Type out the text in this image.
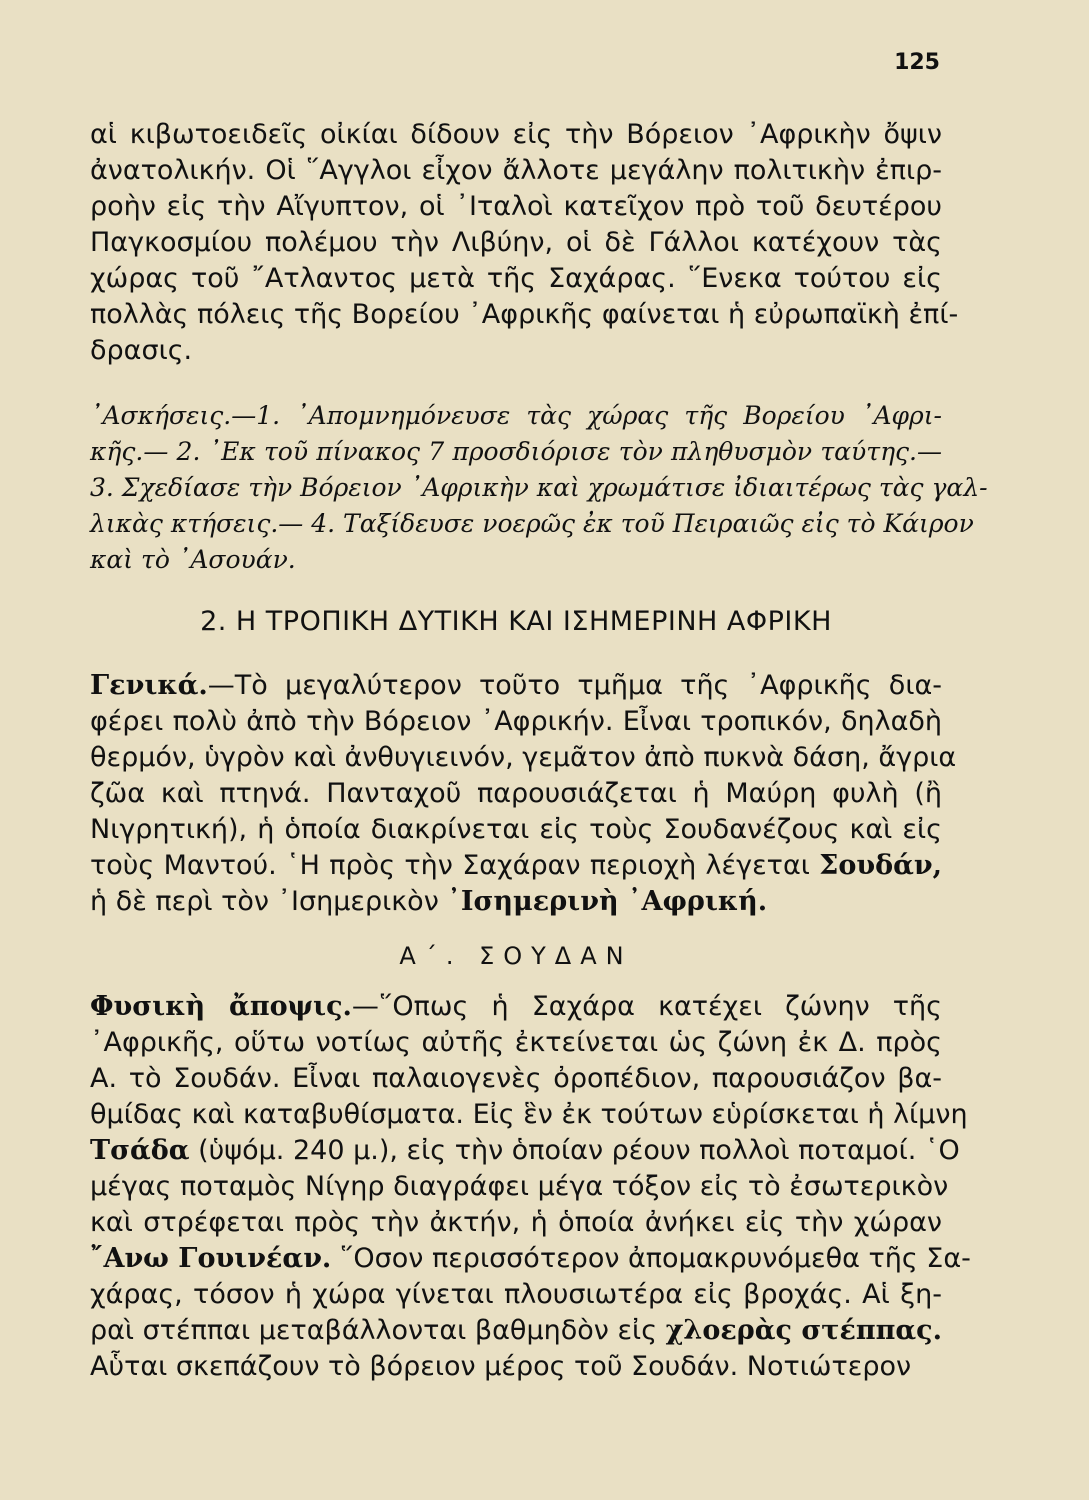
125
αἱ κιβωτοειδεῖς οἰκίαι δίδουν εἰς τὴν Βόρειον ᾿Αφρικὴν ὄψιν
ἀνατολικήν. Οἱ ῞Αγγλοι εἶχον ἄλλοτε μεγάλην πολιτικὴν ἐπιρ-
ροὴν εἰς τὴν Αἴγυπτον, οἱ ᾿Ιταλοὶ κατεῖχον πρὸ τοῦ δευτέρου
Παγκοσμίου πολέμου τὴν Λιβύην, οἱ δὲ Γάλλοι κατέχουν τὰς
χώρας τοῦ ῎Ατλαντος μετὰ τῆς Σαχάρας. ῞Ενεκα τούτου εἰς
πολλὰς πόλεις τῆς Βορείου ᾿Αφρικῆς φαίνεται ἡ εὐρωπαϊκὴ ἐπί-
δρασις.
᾿Ασκήσεις.—1. ᾿Απομνημόνευσε τὰς χώρας τῆς Βορείου ᾿Αφρι-
κῆς.— 2. ᾿Εκ τοῦ πίνακος 7 προσδιόρισε τὸν πληθυσμὸν ταύτης.—
3. Σχεδίασε τὴν Βόρειον ᾿Αφρικὴν καὶ χρωμάτισε ἰδιαιτέρως τὰς γαλ-
λικὰς κτήσεις.— 4. Ταξίδευσε νοερῶς ἐκ τοῦ Πειραιῶς εἰς τὸ Κάιρον
καὶ τὸ ᾿Ασουάν.
2. Η ΤΡΟΠΙΚΗ ΔΥΤΙΚΗ ΚΑΙ ΙΣΗΜΕΡΙΝΗ ΑΦΡΙΚΗ
Γενικά.—Τὸ μεγαλύτερον τοῦτο τμῆμα τῆς ᾿Αφρικῆς δια-
φέρει πολὺ ἀπὸ τὴν Βόρειον ᾿Αφρικήν. Εἶναι τροπικόν, δηλαδὴ
θερμόν, ὑγρὸν καὶ ἀνθυγιεινόν, γεμᾶτον ἀπὸ πυκνὰ δάση, ἄγρια
ζῶα καὶ πτηνά. Πανταχοῦ παρουσιάζεται ἡ Μαύρη φυλὴ (ἢ
Νιγρητική), ἡ ὁποία διακρίνεται εἰς τοὺς Σουδανέζους καὶ εἰς
τοὺς Μαντού. ῾Η πρὸς τὴν Σαχάραν περιοχὴ λέγεται Σουδάν,
ἡ δὲ περὶ τὸν ᾿Ισημερικὸν ᾿Ισημερινὴ ᾿Αφρική.
Α΄. ΣΟΥΔΑΝ
Φυσικὴ ἄποψις.—῞Οπως ἡ Σαχάρα κατέχει ζώνην τῆς
᾿Αφρικῆς, οὕτω νοτίως αὐτῆς ἐκτείνεται ὡς ζώνη ἐκ Δ. πρὸς
Α. τὸ Σουδάν. Εἶναι παλαιογενὲς ὀροπέδιον, παρουσιάζον βα-
θμίδας καὶ καταβυθίσματα. Εἰς ἓν ἐκ τούτων εὑρίσκεται ἡ λίμνη
Τσάδα (ὑψόμ. 240 μ.), εἰς τὴν ὁποίαν ρέουν πολλοὶ ποταμοί. ῾Ο
μέγας ποταμὸς Νίγηρ διαγράφει μέγα τόξον εἰς τὸ ἐσωτερικὸν
καὶ στρέφεται πρὸς τὴν ἀκτήν, ἡ ὁποία ἀνήκει εἰς τὴν χώραν
῎Ανω Γουινέαν. ῞Οσον περισσότερον ἀπομακρυνόμεθα τῆς Σα-
χάρας, τόσον ἡ χώρα γίνεται πλουσιωτέρα εἰς βροχάς. Αἱ ξη-
ραὶ στέππαι μεταβάλλονται βαθμηδὸν εἰς χλοερὰς στέππας.
Αὗται σκεπάζουν τὸ βόρειον μέρος τοῦ Σουδάν. Νοτιώτερον
